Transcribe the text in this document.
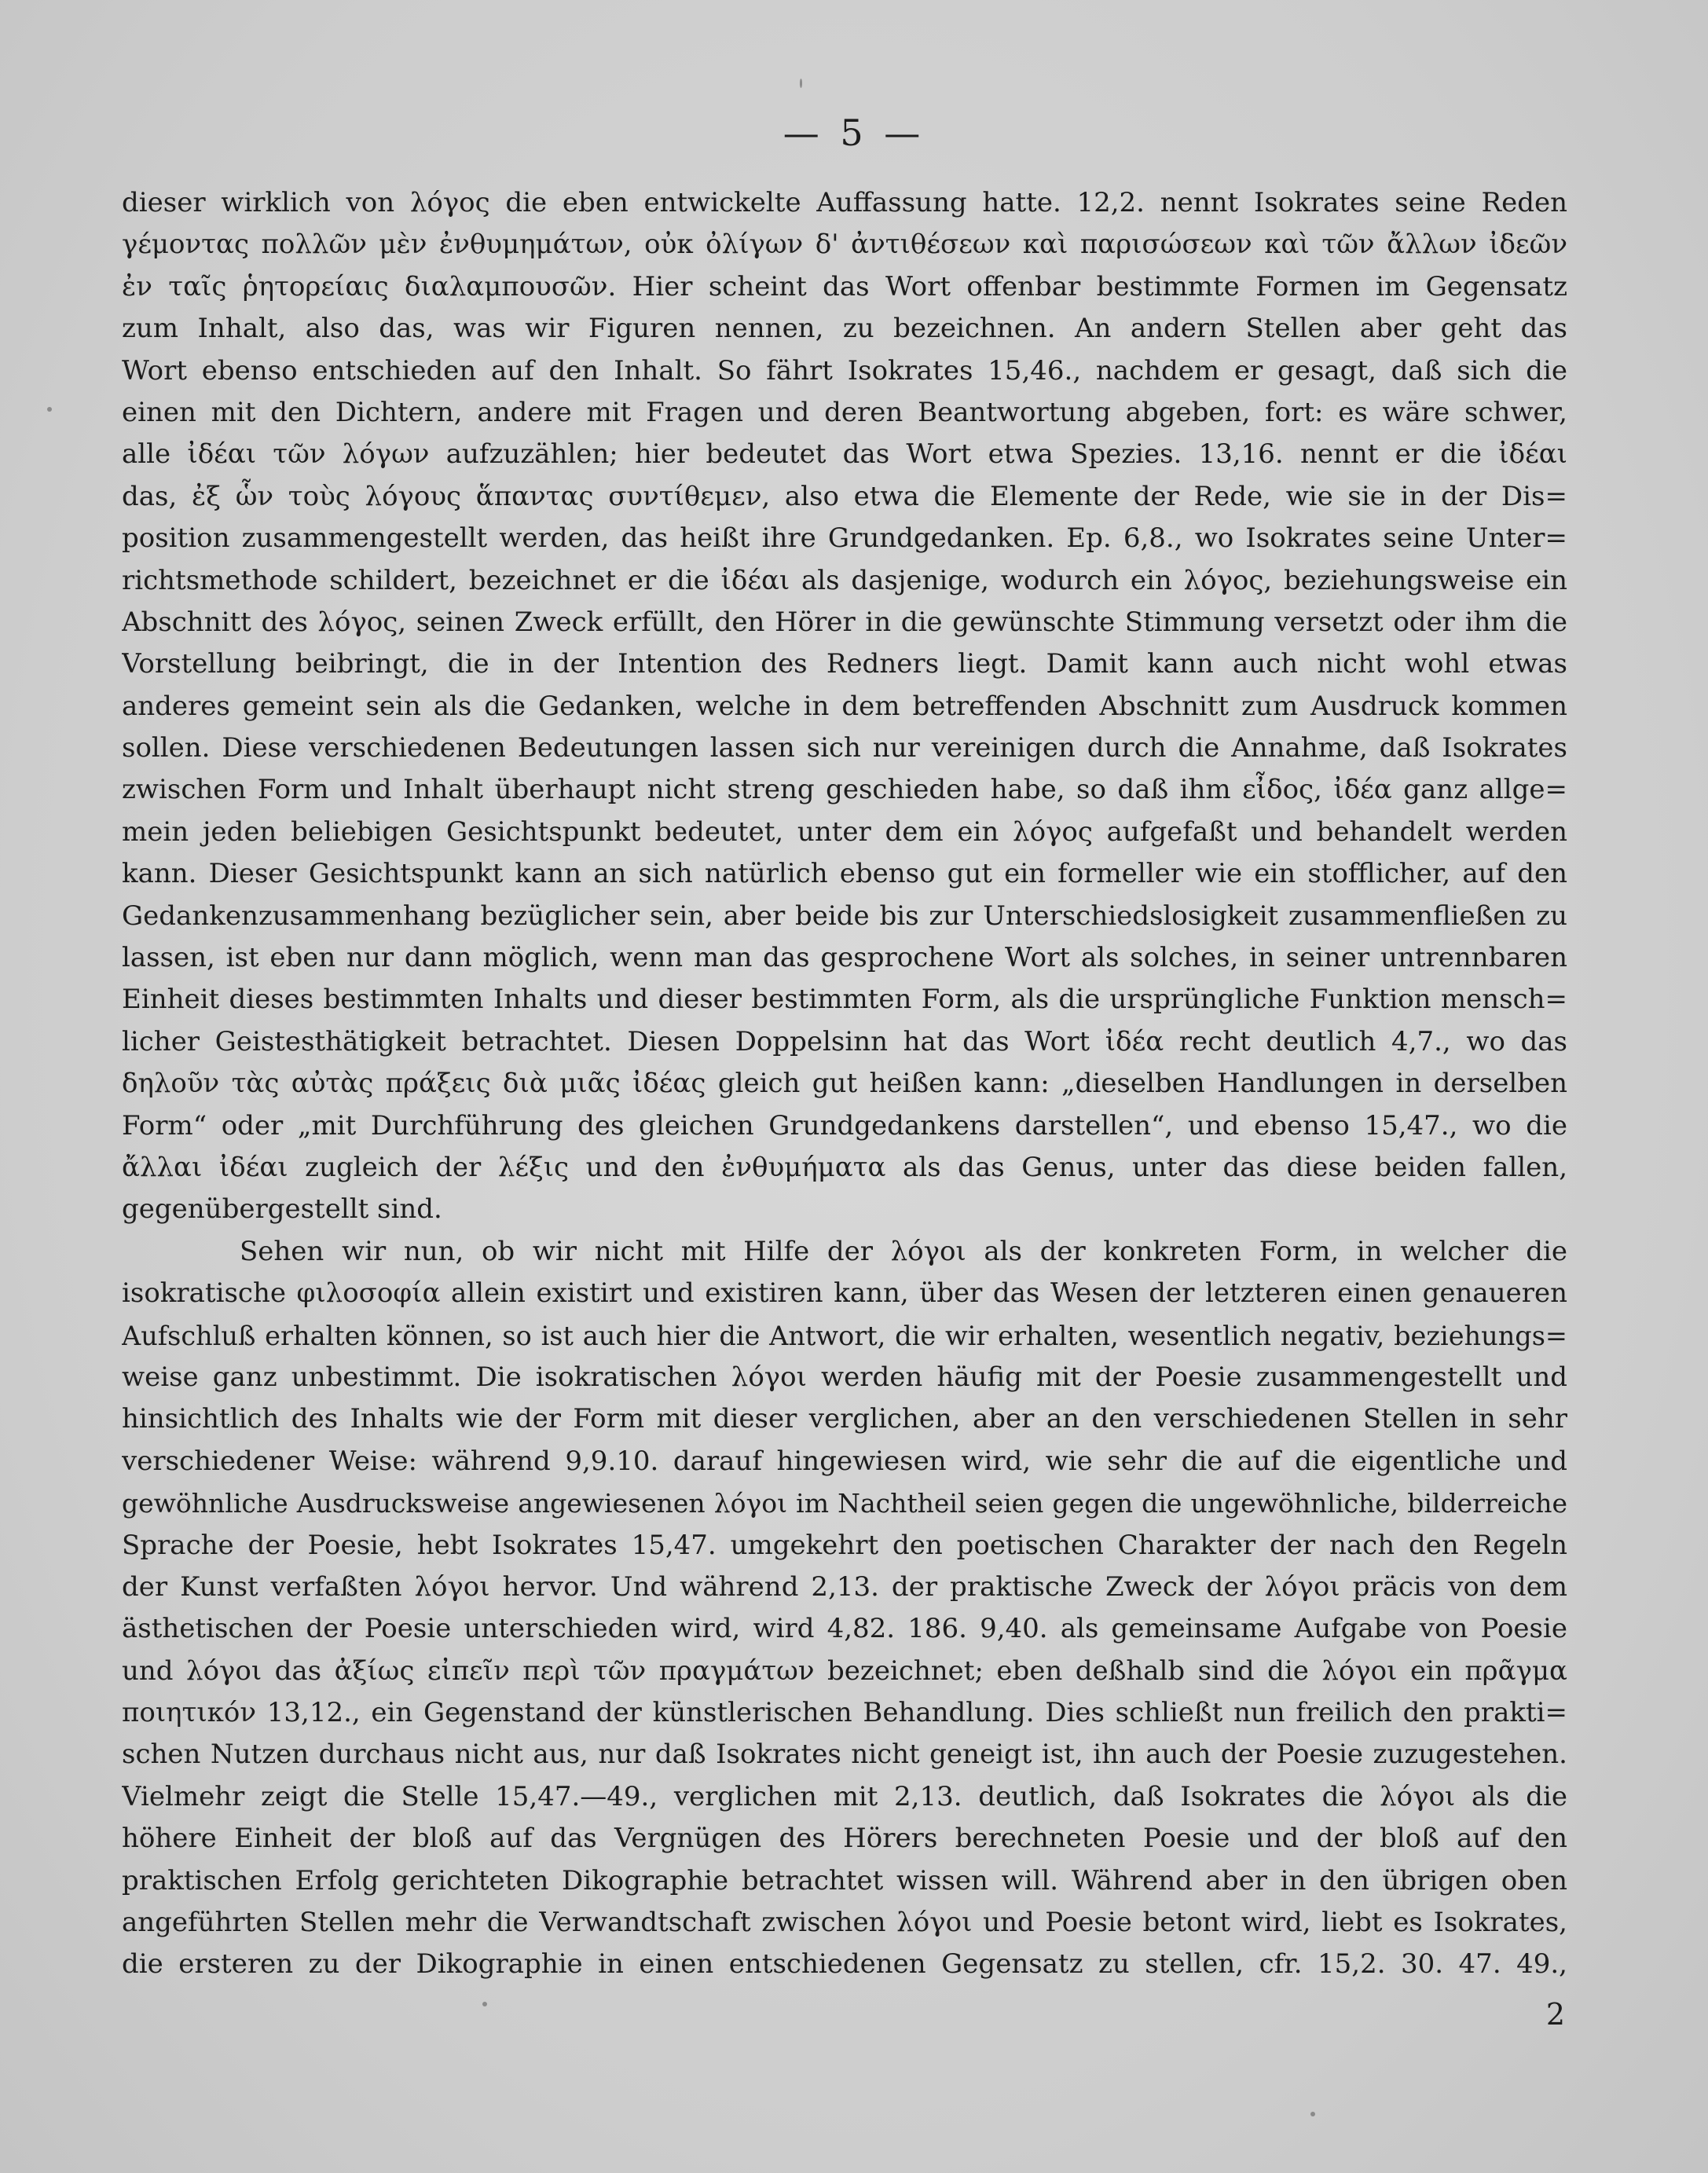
— 5 —

dieser wirklich von λόγος die eben entwickelte Auffassung hatte. 12,2. nennt Isokrates seine Reden
γέμοντας πολλῶν μὲν ἐνθυμημάτων, οὐκ ὀλίγων δ' ἀντιθέσεων καὶ παρισώσεων καὶ τῶν ἄλλων ἰδεῶν
ἐν ταῖς ῥητορείαις διαλαμπουσῶν. Hier scheint das Wort offenbar bestimmte Formen im Gegensatz
zum Inhalt, also das, was wir Figuren nennen, zu bezeichnen. An andern Stellen aber geht das
Wort ebenso entschieden auf den Inhalt. So fährt Isokrates 15,46., nachdem er gesagt, daß sich die
einen mit den Dichtern, andere mit Fragen und deren Beantwortung abgeben, fort: es wäre schwer,
alle ἰδέαι τῶν λόγων aufzuzählen; hier bedeutet das Wort etwa Spezies. 13,16. nennt er die ἰδέαι
das, ἐξ ὧν τοὺς λόγους ἅπαντας συντίθεμεν, also etwa die Elemente der Rede, wie sie in der Dis=
position zusammengestellt werden, das heißt ihre Grundgedanken. Ep. 6,8., wo Isokrates seine Unter=
richtsmethode schildert, bezeichnet er die ἰδέαι als dasjenige, wodurch ein λόγος, beziehungsweise ein
Abschnitt des λόγος, seinen Zweck erfüllt, den Hörer in die gewünschte Stimmung versetzt oder ihm die
Vorstellung beibringt, die in der Intention des Redners liegt. Damit kann auch nicht wohl etwas
anderes gemeint sein als die Gedanken, welche in dem betreffenden Abschnitt zum Ausdruck kommen
sollen. Diese verschiedenen Bedeutungen lassen sich nur vereinigen durch die Annahme, daß Isokrates
zwischen Form und Inhalt überhaupt nicht streng geschieden habe, so daß ihm εἶδος, ἰδέα ganz allge=
mein jeden beliebigen Gesichtspunkt bedeutet, unter dem ein λόγος aufgefaßt und behandelt werden
kann. Dieser Gesichtspunkt kann an sich natürlich ebenso gut ein formeller wie ein stofflicher, auf den
Gedankenzusammenhang bezüglicher sein, aber beide bis zur Unterschiedslosigkeit zusammenfließen zu
lassen, ist eben nur dann möglich, wenn man das gesprochene Wort als solches, in seiner untrennbaren
Einheit dieses bestimmten Inhalts und dieser bestimmten Form, als die ursprüngliche Funktion mensch=
licher Geistesthätigkeit betrachtet. Diesen Doppelsinn hat das Wort ἰδέα recht deutlich 4,7., wo das
δηλοῦν τὰς αὐτὰς πράξεις διὰ μιᾶς ἰδέας gleich gut heißen kann: „dieselben Handlungen in derselben
Form“ oder „mit Durchführung des gleichen Grundgedankens darstellen“, und ebenso 15,47., wo die
ἄλλαι ἰδέαι zugleich der λέξις und den ἐνθυμήματα als das Genus, unter das diese beiden fallen,
gegenübergestellt sind.

Sehen wir nun, ob wir nicht mit Hilfe der λόγοι als der konkreten Form, in welcher die
isokratische φιλοσοφία allein existirt und existiren kann, über das Wesen der letzteren einen genaueren
Aufschluß erhalten können, so ist auch hier die Antwort, die wir erhalten, wesentlich negativ, beziehungs=
weise ganz unbestimmt. Die isokratischen λόγοι werden häufig mit der Poesie zusammengestellt und
hinsichtlich des Inhalts wie der Form mit dieser verglichen, aber an den verschiedenen Stellen in sehr
verschiedener Weise: während 9,9.10. darauf hingewiesen wird, wie sehr die auf die eigentliche und
gewöhnliche Ausdrucksweise angewiesenen λόγοι im Nachtheil seien gegen die ungewöhnliche, bilderreiche
Sprache der Poesie, hebt Isokrates 15,47. umgekehrt den poetischen Charakter der nach den Regeln
der Kunst verfaßten λόγοι hervor. Und während 2,13. der praktische Zweck der λόγοι präcis von dem
ästhetischen der Poesie unterschieden wird, wird 4,82. 186. 9,40. als gemeinsame Aufgabe von Poesie
und λόγοι das ἀξίως εἰπεῖν περὶ τῶν πραγμάτων bezeichnet; eben deßhalb sind die λόγοι ein πρᾶγμα
ποιητικόν 13,12., ein Gegenstand der künstlerischen Behandlung. Dies schließt nun freilich den prakti=
schen Nutzen durchaus nicht aus, nur daß Isokrates nicht geneigt ist, ihn auch der Poesie zuzugestehen.
Vielmehr zeigt die Stelle 15,47.—49., verglichen mit 2,13. deutlich, daß Isokrates die λόγοι als die
höhere Einheit der bloß auf das Vergnügen des Hörers berechneten Poesie und der bloß auf den
praktischen Erfolg gerichteten Dikographie betrachtet wissen will. Während aber in den übrigen oben
angeführten Stellen mehr die Verwandtschaft zwischen λόγοι und Poesie betont wird, liebt es Isokrates,
die ersteren zu der Dikographie in einen entschiedenen Gegensatz zu stellen, cfr. 15,2. 30. 47. 49.,

2
